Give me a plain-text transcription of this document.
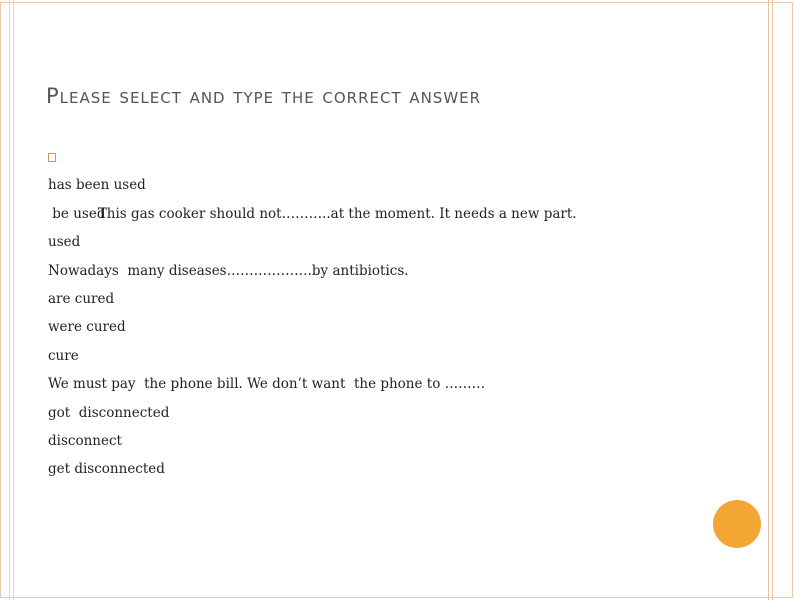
Please select and type the correct answer

This gas cooker should not………..at the moment. It needs a new part.

has been used
be used
used
Nowadays  many diseases……………….by antibiotics.
are cured
were cured
cure
We must pay  the phone bill. We don’t want  the phone to ………
got  disconnected
disconnect
get disconnected
